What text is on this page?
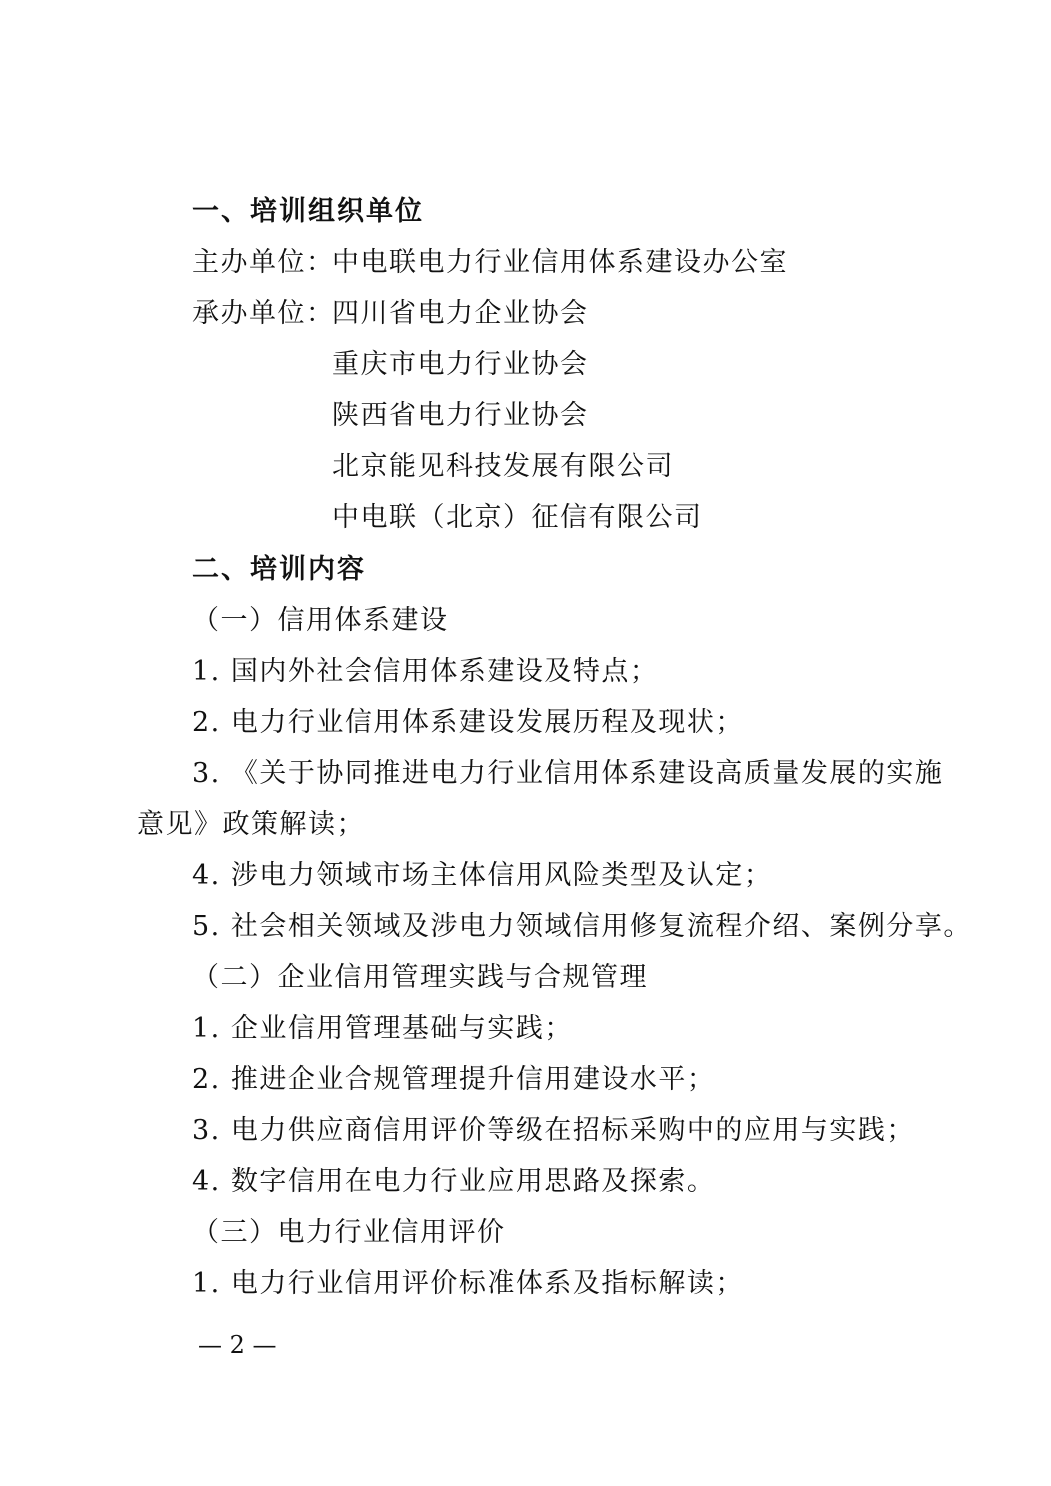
一、培训组织单位
主办单位：中电联电力行业信用体系建设办公室
承办单位：四川省电力企业协会
重庆市电力行业协会
陕西省电力行业协会
北京能见科技发展有限公司
中电联（北京）征信有限公司
二、培训内容
（一）信用体系建设
1. 国内外社会信用体系建设及特点；
2. 电力行业信用体系建设发展历程及现状；
3. 《关于协同推进电力行业信用体系建设高质量发展的实施
意见》政策解读；
4. 涉电力领域市场主体信用风险类型及认定；
5. 社会相关领域及涉电力领域信用修复流程介绍、案例分享。
（二）企业信用管理实践与合规管理
1. 企业信用管理基础与实践；
2. 推进企业合规管理提升信用建设水平；
3. 电力供应商信用评价等级在招标采购中的应用与实践；
4. 数字信用在电力行业应用思路及探索。
（三）电力行业信用评价
1. 电力行业信用评价标准体系及指标解读；
— 2 —
